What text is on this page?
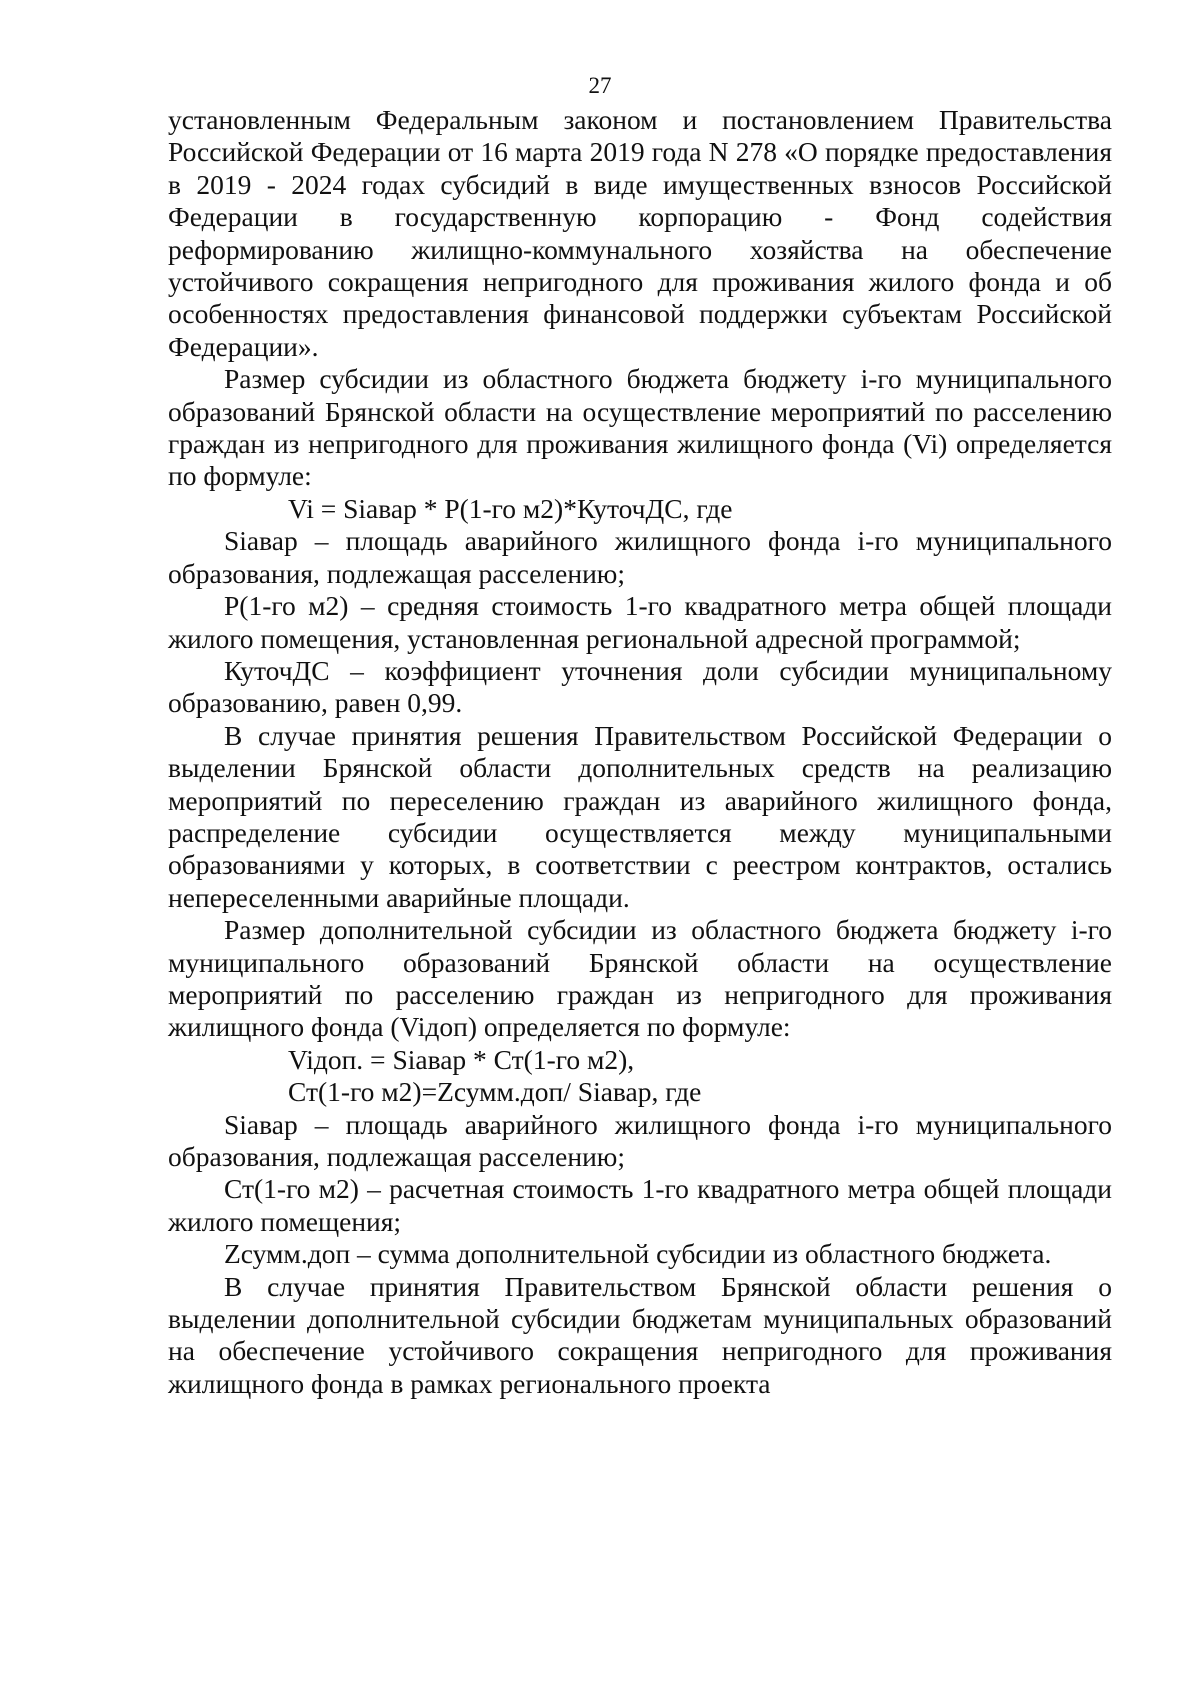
27

установленным Федеральным законом и постановлением Правительства Российской Федерации от 16 марта 2019 года N 278 «О порядке предоставления в 2019 - 2024 годах субсидий в виде имущественных взносов Российской Федерации в государственную корпорацию - Фонд содействия реформированию жилищно-коммунального хозяйства на обеспечение устойчивого сокращения непригодного для проживания жилого фонда и об особенностях предоставления финансовой поддержки субъектам Российской Федерации».

Размер субсидии из областного бюджета бюджету i-го муниципального образований Брянской области на осуществление мероприятий по расселению граждан из непригодного для проживания жилищного фонда (Vi) определяется по формуле:

Vi = Siавар * P(1-го м2)*КуточДС, где

Siавар – площадь аварийного жилищного фонда i-го муниципального образования, подлежащая расселению;

P(1-го м2) – средняя стоимость 1-го квадратного метра общей площади жилого помещения, установленная региональной адресной программой;

КуточДС – коэффициент уточнения доли субсидии муниципальному образованию, равен 0,99.

В случае принятия решения Правительством Российской Федерации о выделении Брянской области дополнительных средств на реализацию мероприятий по переселению граждан из аварийного жилищного фонда, распределение субсидии осуществляется между муниципальными образованиями у которых, в соответствии с реестром контрактов, остались непереселенными аварийные площади.

Размер дополнительной субсидии из областного бюджета бюджету i-го муниципального образований Брянской области на осуществление мероприятий по расселению граждан из непригодного для проживания жилищного фонда (Viдоп) определяется по формуле:

Viдоп. = Siавар * Ст(1-го м2),

Ст(1-го м2)=Zсумм.доп/ Siавар, где

Siавар – площадь аварийного жилищного фонда i-го муниципального образования, подлежащая расселению;

Ст(1-го м2) – расчетная стоимость 1-го квадратного метра общей площади жилого помещения;

Zсумм.доп – сумма дополнительной субсидии из областного бюджета.

В случае принятия Правительством Брянской области решения о выделении дополнительной субсидии бюджетам муниципальных образований на обеспечение устойчивого сокращения непригодного для проживания жилищного фонда в рамках регионального проекта
